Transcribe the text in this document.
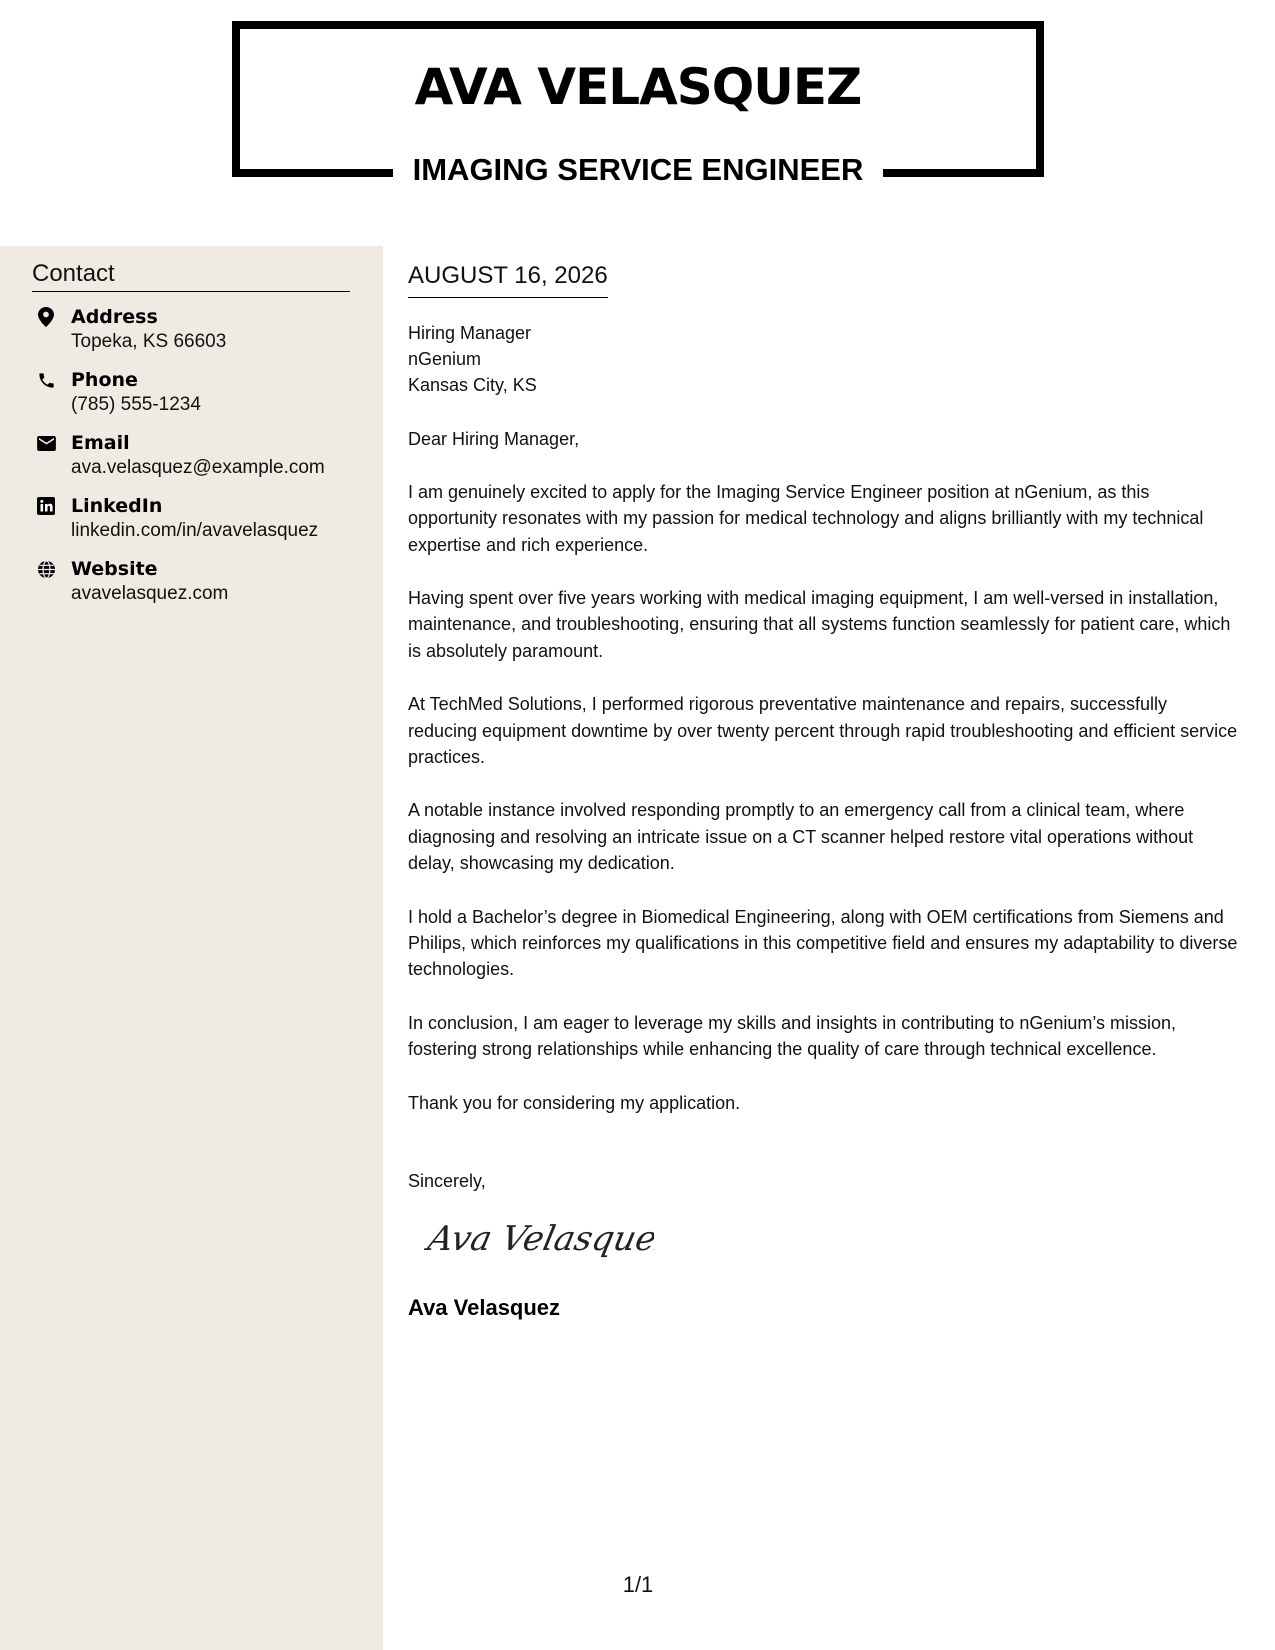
AVA VELASQUEZ
IMAGING SERVICE ENGINEER
Contact
Address
Topeka, KS 66603
Phone
(785) 555-1234
Email
ava.velasquez@example.com
LinkedIn
linkedin.com/in/avavelasquez
Website
avavelasquez.com
AUGUST 16, 2026
Hiring Manager
nGenium
Kansas City, KS
Dear Hiring Manager,
I am genuinely excited to apply for the Imaging Service Engineer position at nGenium, as this opportunity resonates with my passion for medical technology and aligns brilliantly with my technical expertise and rich experience.
Having spent over five years working with medical imaging equipment, I am well-versed in installation, maintenance, and troubleshooting, ensuring that all systems function seamlessly for patient care, which is absolutely paramount.
At TechMed Solutions, I performed rigorous preventative maintenance and repairs, successfully reducing equipment downtime by over twenty percent through rapid troubleshooting and efficient service practices.
A notable instance involved responding promptly to an emergency call from a clinical team, where diagnosing and resolving an intricate issue on a CT scanner helped restore vital operations without delay, showcasing my dedication.
I hold a Bachelor’s degree in Biomedical Engineering, along with OEM certifications from Siemens and Philips, which reinforces my qualifications in this competitive field and ensures my adaptability to diverse technologies.
In conclusion, I am eager to leverage my skills and insights in contributing to nGenium’s mission, fostering strong relationships while enhancing the quality of care through technical excellence.
Thank you for considering my application.
Sincerely,
Ava Velasquez
Ava Velasquez
1/1
